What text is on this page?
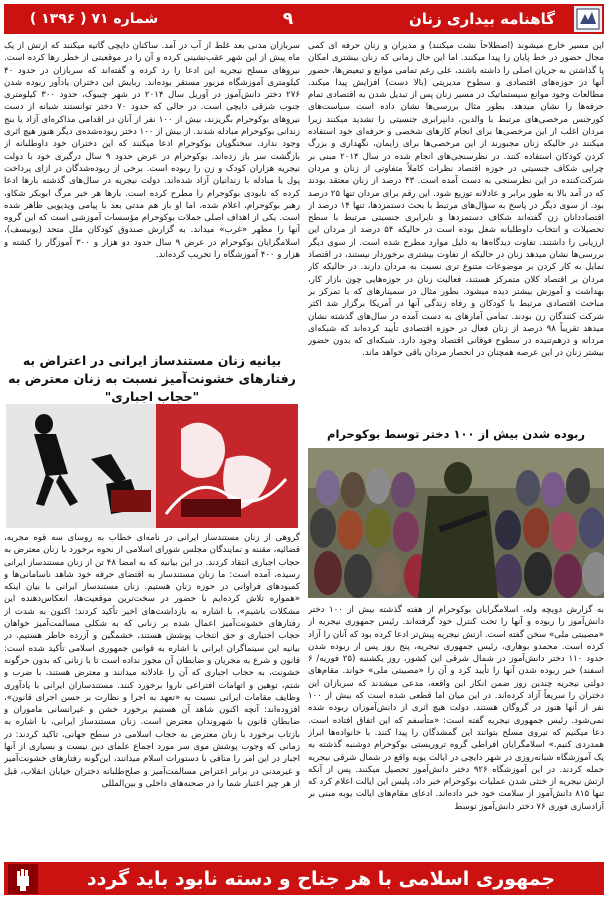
گاهنامه بیداری زنان
۹
شماره ۷۱ ( ۱۳۹۶ )

این مسیر خارج میشوند (اصطلاحاً نشت میکنند) و مدیران و زنان حرفه ای کمی مجال حضور در خط پایان را پیدا میکنند. اما این حال زمانی که زنان بیشتری امکان پا گذاشتن به جریان اصلی را داشته باشند، علی رغم تمامی موانع و تبعیض‌ها، حضور آنها در حوزه‌های اقتصادی و سطوح مدیریتی (بالا دست) افزایش پیدا میکند. مطالعات وجود موانع سیستماتیک در مسیر زنان پس از تبدیل شدن به اقتصادی تمام حرفه‌ها را نشان میدهد. بطور مثال بررسی‌ها نشان داده است سیاست‌های کورجنس مرخصی‌های مرتبط با والدین، دانپرابری جنسیتی را تشدید میکنند زیرا مردان اغلب از این مرخصی‌ها برای انجام کارهای شخصی و حرفه‌ای خود استفاده میکنند در حالیکه زنان مجبورند از این مرخصی‌ها برای زایمان، نگهداری و بزرگ کردن کودکان استفاده کنند. در نظرسنجی‌های انجام شده در سال ۲۰۱۴ مبنی بر چرایی شکاف جنسیتی در حوزه اقتصاد نظرات کاملاً متفاوتی از زنان و مردان شرکت‌کننده در این نظرسنجی به دست آمده است. ۴۳ درصد از زنان معتقد بودند که در آمد بالا به طور برابر و عادلانه توزیع شود. این رقم برای مردان تنها ۲۵ درصد بود. از سوی دیگر در پاسخ به سؤال‌های مرتبط با بحث دستمزدها، تنها ۱۴ درصد از اقتصاددانان زن گفته‌اند شکاف دستمزدها و نابرابری جنسیتی مرتبط با سطح تحصیلات و انتخاب داوطلبانه شغل بوده است در حالیکه ۵۴ درصد از مردان این ارزیابی را داشتند. تفاوت دیدگاه‌ها به دلیل موارد مطرح شده است. از سوی دیگر بررسی‌ها نشان میدهد زنان در حالیکه از تفاوت بیشتری برخوردار نیستند، در اقتصاد تمایل به کار کردن بر موضوعات متنوع تری نسبت به مردان دارند. در حالیکه کار مردان بر اقتصاد کلان متمرکز هستند، فعالیت زنان در حوزه‌هایی چون بازار کار، بهداشت و آموزش بیشتر دیده میشود. بطور مثال در سمینار‌های که با تمرکز بر مباحث اقتصادی مرتبط با کودکان و رفاه زندگی آنها در آمریکا برگزار شد اکثر شرکت کنندگان زن بودند. تمامی آمار‌های به دست آمده در سال‌های گذشته نشان میدهد تقریباً ۹۸ درصد از زنان فعال در حوزه اقتصادی تأیید کرده‌اند که شبکه‌ای مردانه و درهم‌تنیده در سطوح فوقانی اقتصاد وجود دارد. شبکه‌ای که بدون حضور بیشتر زنان در این عرصه همچنان در انحصار مردان باقی خواهد ماند.

سرباز‌ان مدنی بعد غلط از آب در آمد. ساکنان دایچی گاتیه میکنند که ارتش از یک ماه پیش از این شهر عقب‌نشینی کرده و آن را در موقعیتی از خطر رها کرده است. نیروهای مسلح نیجریه این ادعا را رد کرده و گفته‌اند که سربازان در حدود ۴۰ کیلومتری آموزشگاه مزبور مستقر بوده‌اند. ربایش این دختران یادآور ربوده شدن ۲۷۶ دختر دانش‌آموز در آوریل سال ۲۰۱۴ در شهر چیبوک، حدود ۳۰۰ کیلومتری جنوب شرقی دایچی است. در حالی که حدود ۷۰ دختر توانستند شبانه از دست نیروهای بوکوحرام بگریزند، بیش از ۱۰۰ نفر از آنان در اقدامی مذاکره‌ای آزاد یا بنج زندانی بوکوحرام مبادله شدند. از بیش از ۱۰۰ دختر ربوده‌شده‌ی دیگر هنوز هیچ اثری وجود ندارد. سخنگویان بوکوحرام ادعا میکنند که این دختران خود داوطلبانه از بازگشت سر باز زده‌اند. بوکوحرام در عرض حدود ۹ سال درگیری خود با دولت نیجریه هزاران کودک و زن را ربوده است. برخی از ربوده‌شدگان در ازای پرداخت پول یا مبادله با زندانیان آزاد شده‌اند. دولت نیجریه در سال‌های گذشته بارها ادعا کرده که نابودی بوکوحرام را مطرح کرده است. بارها هر خبر مرگ ابوبکر شکاو، رهبر بوکوحرام، اعلام شده، اما او باز هم مدتی بعد با پیامی ویدیویی ظاهر شده است. یکی از اهداف اصلی حملات بوکوحرام مؤسسات آموزشی است که این گروه آنها را مظهر «غرب» میداند. به گزارش صندوق کودکان ملل متحد (یونیسف)، اسلامگرایان بوکوحرام در عرض ۹ سال حدود دو هزار و ۳۰۰ آموزگار را کشته و هزار و ۴۰۰ آموزشگاه را تخریب کرده‌اند.

بیانیه زنان مستندساز ایرانی در اعتراض به رفتارهای خشونت‌آمیز نسبت به زنان معترض به "حجاب اجباری"

گروهی از زنان مستندساز ایرانی در نامه‌ای خطاب به روسای سه قوه مجریه، قضائیه، مقننه و نمایندگان مجلس شورای اسلامی از نحوه برخورد با زنان معترض به حجاب اجباری انتقاد کردند. در این بیانیه که به امضا ۴۸ تن از زنان مستندساز ایرانی رسیده، آمده است: ما زنان مستندساز به اقتضای حرفه خود شاهد ناسامانی‌ها و کمبودهای فراوانی در حوزه زنان هستیم. زنان مستندساز ایرانی با بیان اینکه «همواره تلاش کرده‌ایم با حضور در سخت‌ترین موقعیت‌ها، انعکاس‌دهنده این مشکلات باشیم»، با اشاره به بازداشت‌های اخیر تأکید کردند: اکنون به شدت از رفتارهای خشونت‌آمیز اعمال شده بر زنانی که به شکلی مسالمت‌آمیز خواهان حجاب اختیاری و حق انتخاب پوشش هستند، خشمگین و آزرده خاطر هستیم. در بیانیه این سینماگران ایرانی با اشاره به قوانین جمهوری اسلامی تأکید شده است: قانون و شرع به مجریان و ضابطان آن مجوز نداده است تا با زنانی که بدون حرگونه خشونت، به حجاب اجباری که آن را عادلانه میدانند و معترض هستند، با ضرب و شتم، توهین و اتهامات افتراعی ناروا برخورد کنند. مستندسازان ایرانی با یادآوری وظایف مقامات ایرانی نسبت به «تعهد به اجرا و نظارت بر حسن اجرای قانون»، افزوده‌اند: آنچه اکنون شاهد آن هستیم برخورد خشن و غیرانسانی ماموران و ضابطان قانون با شهروندان معترض است. زنان مستندساز ایرانی، با اشاره به بازتاب برخورد با زنان معترض به حجاب اسلامی در سطح جهانی، تاکید کردند: در زمانی که وجوب پوشش موی سر مورد اجماع علمای دین نیست و بسیاری از آنها اجبار در این امر را منافی با دستورات اسلام میدانند، این‌گونه رفتارهای خشونت‌آمیز و غیرمدنی در برابر اعتراض مسالمت‌آمیز و صلح‌طلبانه دختران خیابان انقلاب، قبل از هر چیز اعتبار شما را در صحنه‌های داخلی و بین‌المللی

ربوده شدن بیش از ۱۰۰ دختر توسط بوکوحرام

به گزارش دویچه وله، اسلامگرایان بوکوحرام از هفته گذشته بیش از ۱۰۰ دختر دانش‌آموز را ربوده و آنها را تحت کنترل خود گرفته‌اند. رئیس جمهوری نیجریه از «مصیبتی ملی» سخن گفته است. ارتش نیجریه پیش‌تر ادعا کرده بود که آنان را آزاد کرده است. محمدو بوهاری، رئیس جمهوری نیجریه، پنج روز پس از ربوده شدن حدود ۱۱۰ دختر دانش‌آموز در شمال شرقی این کشور، روز یکشنبه (۲۵ فوریه/ ۶ اسفند) خبر ربوده شدن آنها را تأیید کرد و آن را «مصیبتی ملی» خواند. مقام‌های دولتی نیجریه چندین روز ضمن انکار این واقعه، مدعی میشدند که سربازان این دختران را سریعاً آزاد کرده‌اند. در این میان اما قطعی شده است که بیش از ۱۰۰ نفر از آنها هنوز در گروگان هستند. دولت هیچ اثری از دانش‌آموزان ربوده شده نمی‌شود. رئیس جمهوری نیجریه گفته است: «متأسفم که این اتفاق افتاده است. دعا میکنیم که نیروی مسلح بتوانند این گمشدگان را پیدا کنند. با خانواده‌ها ابراز همدردی کنیم.» اسلامگرایان افراطی گروه تروریستی بوکوحرام دوشنبه گذشته به یک آموزشگاه شبانه‌روزی در شهر دایچی در ایالت یوبه واقع در شمال شرقی نیجریه حمله کردند. در این آموزشگاه ۹۲۶ دختر دانش‌آموز تحصیل میکنند. پس از آنکه ارتش نیجریه از خنثی شدن عملیات بوکوحرام خبر داد، پلیس این ایالت اعلام کرد که تنها ۸۱۵ دانش‌آموز از سلامت خود خبر داده‌اند. ادعای مقام‌های ایالت یوبه مبنی بر آزادسازی فوری ۷۶ دختر دانش‌آموز توسط

جمهوری اسلامی با هر جناح و دسته نابود باید گردد
